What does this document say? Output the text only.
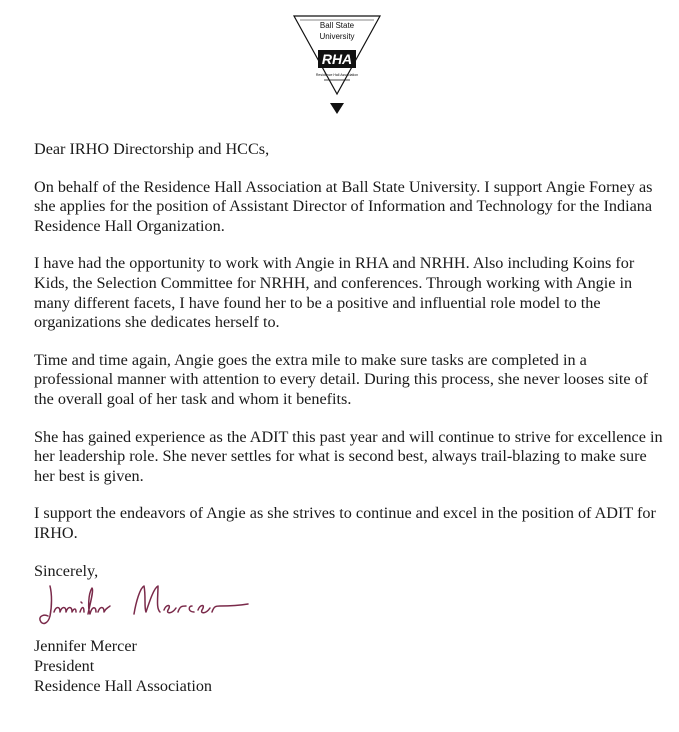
Ball State
University
RHA
Residence Hall Association

Dear IRHO Directorship and HCCs,

On behalf of the Residence Hall Association at Ball State University. I support Angie Forney as she applies for the position of Assistant Director of Information and Technology for the Indiana Residence Hall Organization.

I have had the opportunity to work with Angie in RHA and NRHH. Also including Koins for Kids, the Selection Committee for NRHH, and conferences. Through working with Angie in many different facets, I have found her to be a positive and influential role model to the organizations she dedicates herself to.

Time and time again, Angie goes the extra mile to make sure tasks are completed in a professional manner with attention to every detail. During this process, she never looses site of the overall goal of her task and whom it benefits.

She has gained experience as the ADIT this past year and will continue to strive for excellence in her leadership role. She never settles for what is second best, always trail-blazing to make sure her best is given.

I support the endeavors of Angie as she strives to continue and excel in the position of ADIT for IRHO.

Sincerely,
Jennifer Mercer
President
Residence Hall Association
